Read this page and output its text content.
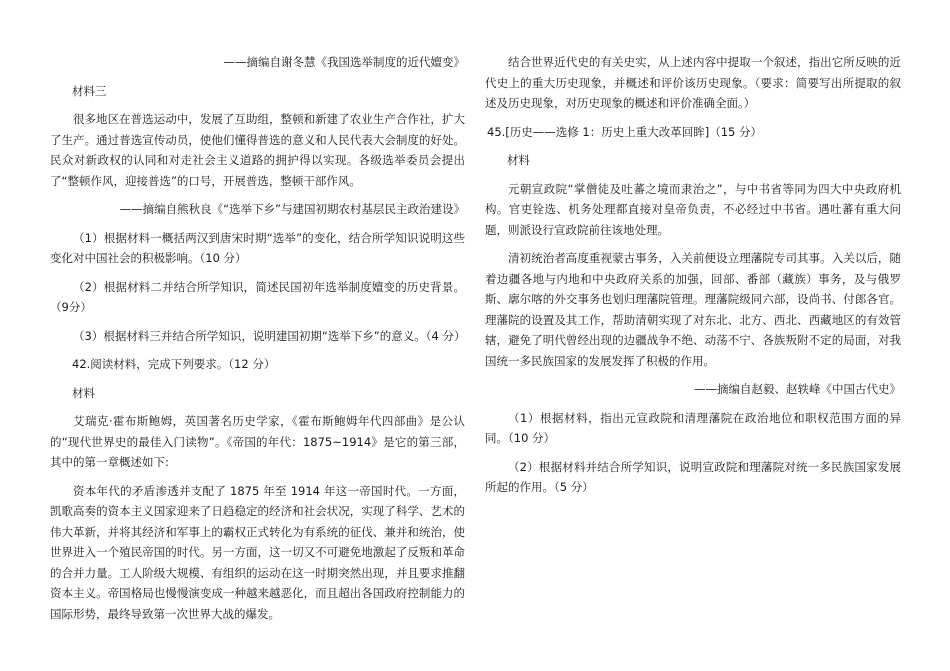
——摘编自谢冬慧《我国选举制度的近代嬗变》

材料三

很多地区在普选运动中，发展了互助组，整顿和新建了农业生产合作社，扩大了生产。通过普选宣传动员，使他们懂得普选的意义和人民代表大会制度的好处。民众对新政权的认同和对走社会主义道路的拥护得以实现。各级选举委员会提出了“整顿作风，迎接普选”的口号，开展普选，整顿干部作风。

——摘编自熊秋良《“选举下乡”与建国初期农村基层民主政治建设》

（1）根据材料一概括两汉到唐宋时期“选举”的变化，结合所学知识说明这些变化对中国社会的积极影响。（10 分）

（2）根据材料二并结合所学知识，简述民国初年选举制度嬗变的历史背景。（9分）

（3）根据材料三并结合所学知识，说明建国初期“选举下乡”的意义。（4 分）

42.阅读材料，完成下列要求。（12 分）

材料

艾瑞克·霍布斯鲍姆，英国著名历史学家，《霍布斯鲍姆年代四部曲》是公认的“现代世界史的最佳入门读物”。《帝国的年代：1875~1914》是它的第三部，其中的第一章概述如下:

资本年代的矛盾渗透并支配了 1875 年至 1914 年这一帝国时代。一方面，凯歌高奏的资本主义国家迎来了日趋稳定的经济和社会状况，实现了科学、艺术的伟大革新，并将其经济和军事上的霸权正式转化为有系统的征伐、兼并和统治，使世界进入一个殖民帝国的时代。另一方面，这一切又不可避免地激起了反叛和革命的合并力量。工人阶级大规模、有组织的运动在这一时期突然出现，并且要求推翻资本主义。帝国格局也慢慢演变成一种越来越恶化，而且超出各国政府控制能力的国际形势，最终导致第一次世界大战的爆发。

结合世界近代史的有关史实，从上述内容中提取一个叙述，指出它所反映的近代史上的重大历史现象，并概述和评价该历史现象。（要求：简要写出所提取的叙述及历史现象，对历史现象的概述和评价准确全面。）

45.[历史——选修 1：历史上重大改革回眸]（15 分）

材料

元朝宣政院“掌僧徒及吐蕃之境而隶治之”，与中书省等同为四大中央政府机构。官吏铨选、机务处理都直接对皇帝负责，不必经过中书省。遇吐蕃有重大问题，则派设行宣政院前往该地处理。

清初统治者高度重视蒙古事务，入关前便设立理藩院专司其事。入关以后，随着边疆各地与内地和中央政府关系的加强，回部、番部（藏族）事务，及与俄罗斯、廓尔喀的外交事务也划归理藩院管理。理藩院级同六部，设尚书、付郎各官。理藩院的设置及其工作，帮助清朝实现了对东北、北方、西北、西藏地区的有效管辖，避免了明代曾经出现的边疆战争不绝、动荡不宁、各族叛附不定的局面，对我国统一多民族国家的发展发挥了积极的作用。

——摘编自赵毅、赵轶峰《中国古代史》

（1）根据材料，指出元宣政院和清理藩院在政治地位和职权范围方面的异同。（10 分）

（2）根据材料并结合所学知识，说明宣政院和理藩院对统一多民族国家发展所起的作用。（5 分）
